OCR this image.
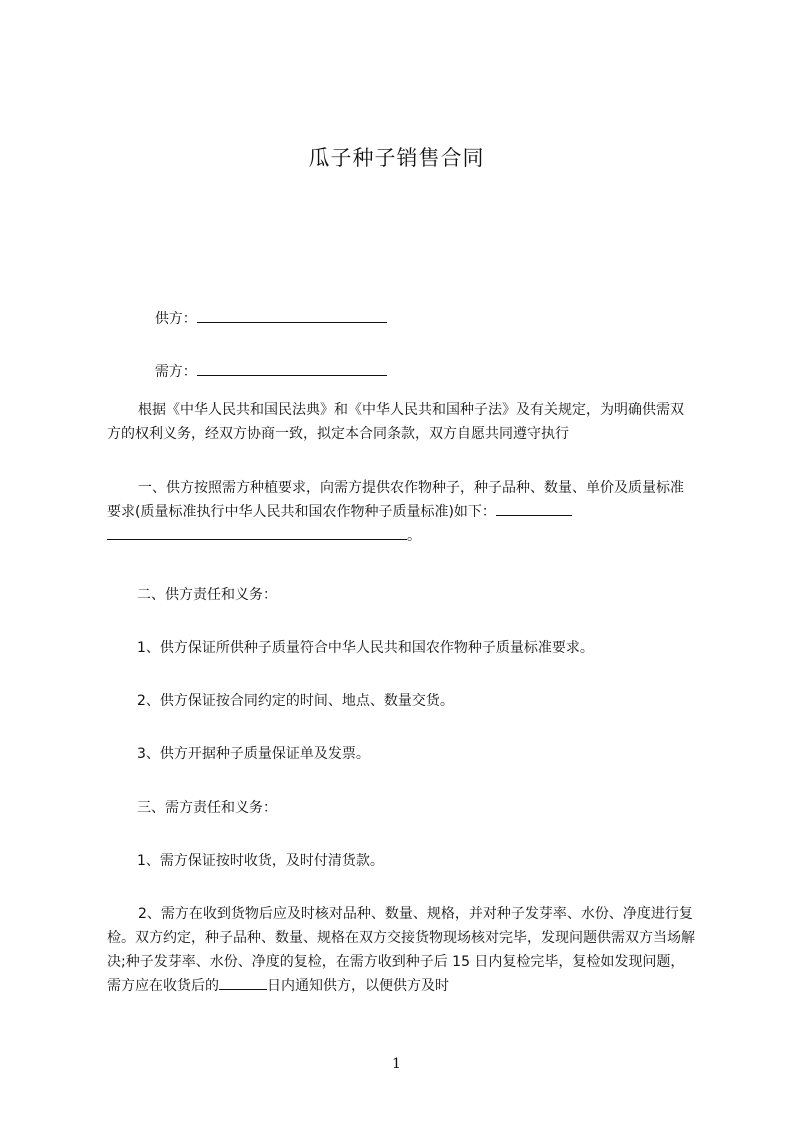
瓜子种子销售合同

供方：

需方：

根据《中华人民共和国民法典》和《中华人民共和国种子法》及有关规定，为明确供需双方的权利义务，经双方协商一致，拟定本合同条款，双方自愿共同遵守执行
一、供方按照需方种植要求，向需方提供农作物种子，种子品种、数量、单价及质量标准要求(质量标准执行中华人民共和国农作物种子质量标准)如下：。
二、供方责任和义务：
1、供方保证所供种子质量符合中华人民共和国农作物种子质量标准要求。
2、供方保证按合同约定的时间、地点、数量交货。
3、供方开据种子质量保证单及发票。
三、需方责任和义务：
1、需方保证按时收货，及时付清货款。
2、需方在收到货物后应及时核对品种、数量、规格，并对种子发芽率、水份、净度进行复检。双方约定，种子品种、数量、规格在双方交接货物现场核对完毕，发现问题供需双方当场解决;种子发芽率、水份、净度的复检，在需方收到种子后 15 日内复检完毕，复检如发现问题，需方应在收货后的	日内通知供方，以便供方及时
1
